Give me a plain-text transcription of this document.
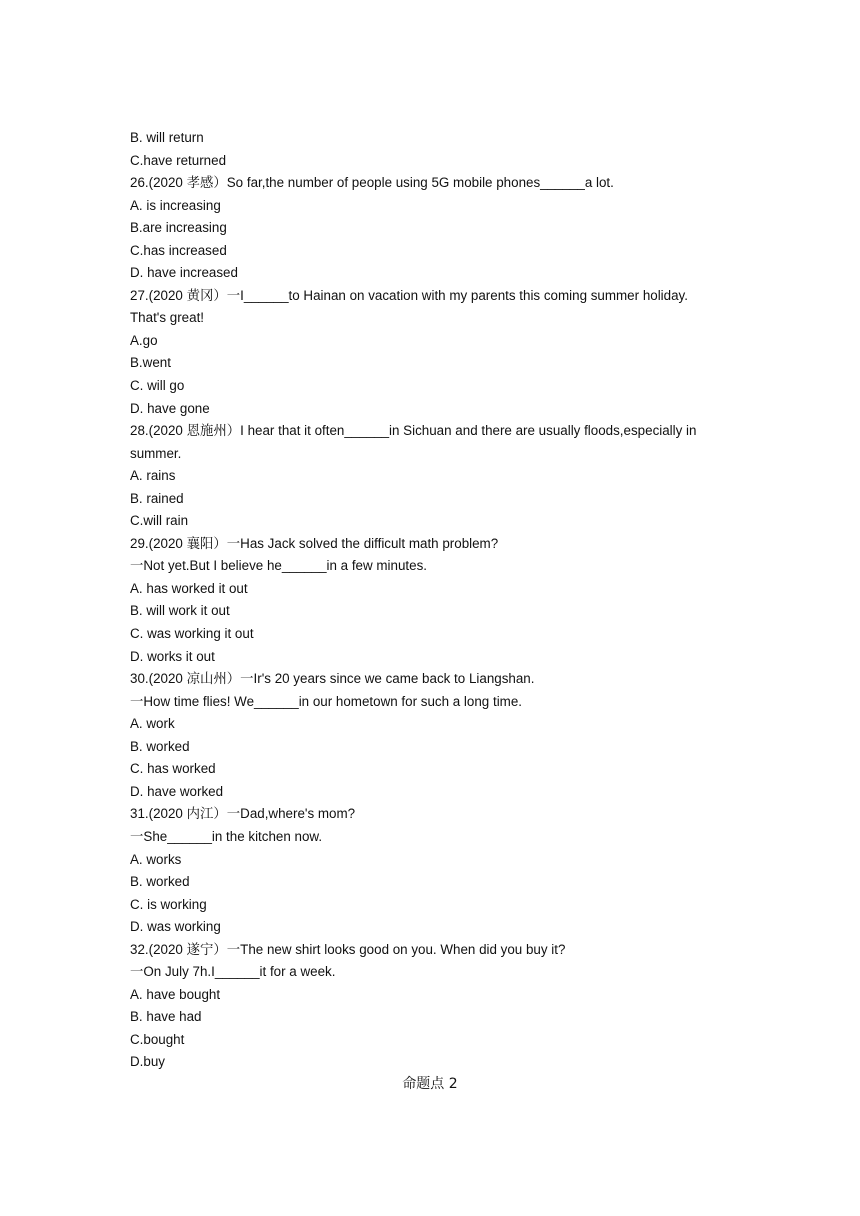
B. will return
C.have returned
26.(2020 孝感）So far,the number of people using 5G mobile phones______a lot.
A. is increasing
B.are increasing
C.has increased
D. have increased
27.(2020 黄冈）一I______to Hainan on vacation with my parents this coming summer holiday.
That's great!
A.go
B.went
C. will go
D. have gone
28.(2020 恩施州）I hear that it often______in Sichuan and there are usually floods,especially in
summer.
A. rains
B. rained
C.will rain
29.(2020 襄阳）一Has Jack solved the difficult math problem?
一Not yet.But I believe he______in a few minutes.
A. has worked it out
B. will work it out
C. was working it out
D. works it out
30.(2020 凉山州）一Ir's 20 years since we came back to Liangshan.
一How time flies! We______in our hometown for such a long time.
A. work
B. worked
C. has worked
D. have worked
31.(2020 内江）一Dad,where's mom?
一She______in the kitchen now.
A. works
B. worked
C. is working
D. was working
32.(2020 遂宁）一The new shirt looks good on you. When did you buy it?
一On July 7h.I______it for a week.
A. have bought
B. have had
C.bought
D.buy
命题点 2
